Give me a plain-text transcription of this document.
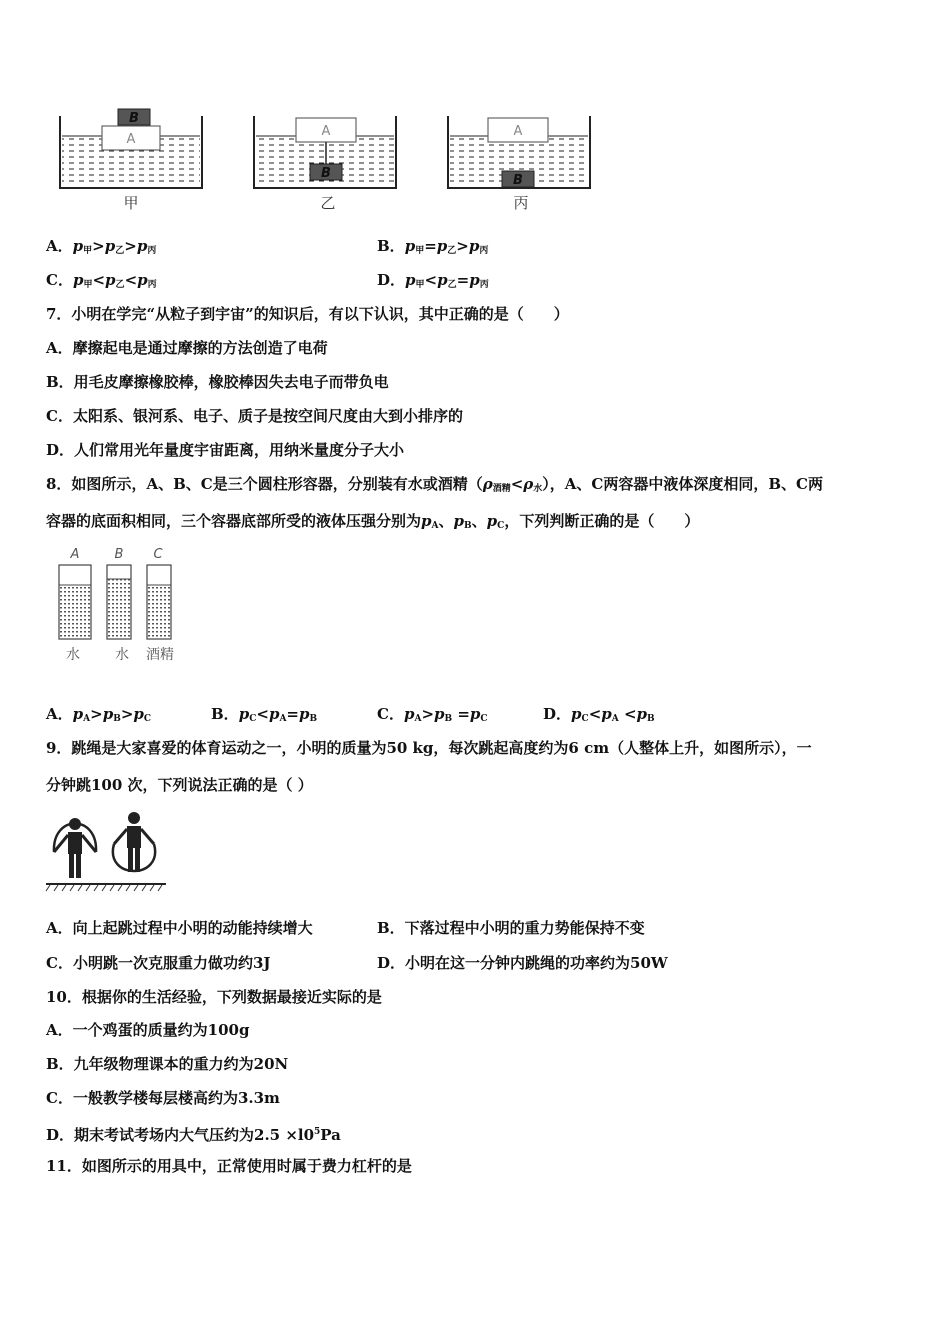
A
B
甲
A
B
乙
A
B
丙
A．$p_甲>p_乙>p_丙$	B．$p_甲=p_乙>p_丙$
C．$p_甲<p_乙<p_丙$	D．$p_甲<p_乙=p_丙$
7．小明在学完“从粒子到宇宙”的知识后，有以下认识，其中正确的是（　　）
A．摩擦起电是通过摩擦的方法创造了电荷
B．用毛皮摩擦橡胶棒，橡胶棒因失去电子而带负电
C．太阳系、银河系、电子、质子是按空间尺度由大到小排序的
D．人们常用光年量度宇宙距离，用纳米量度分子大小
8．如图所示，A、B、C是三个圆柱形容器，分别装有水或酒精$(\rho_{酒精}<\rho_水)$，A、C两容器中液体深度相同，B、C两
容器的底面积相同，三个容器底部所受的液体压强分别为$p_A$、$p_B$、$p_C$，下列判断正确的是（　　）
A	B C
水	水 酒精
A．$p_A>p_B>p_C$	B．$p_C<p_A=p_B$	C．$p_A>p_B =p_C$	D．$p_C<p_A <p_B$
9．跳绳是大家喜爱的体育运动之一，小明的质量为50 kg，每次跳起高度约为6 cm（人整体上升，如图所示），一
分钟跳100 次，下列说法正确的是（ ）
A．向上起跳过程中小明的动能持续增大	B．下落过程中小明的重力势能保持不变
C．小明跳一次克服重力做功约3J	D．小明在这一分钟内跳绳的功率约为50W
10．根据你的生活经验，下列数据最接近实际的是
A．一个鸡蛋的质量约为100g
B．九年级物理课本的重力约为20N
C．一般教学楼每层楼高约为3.3m
D．期末考试考场内大气压约为$2.5 \times l0^5Pa$
11．如图所示的用具中，正常使用时属于费力杠杆的是
